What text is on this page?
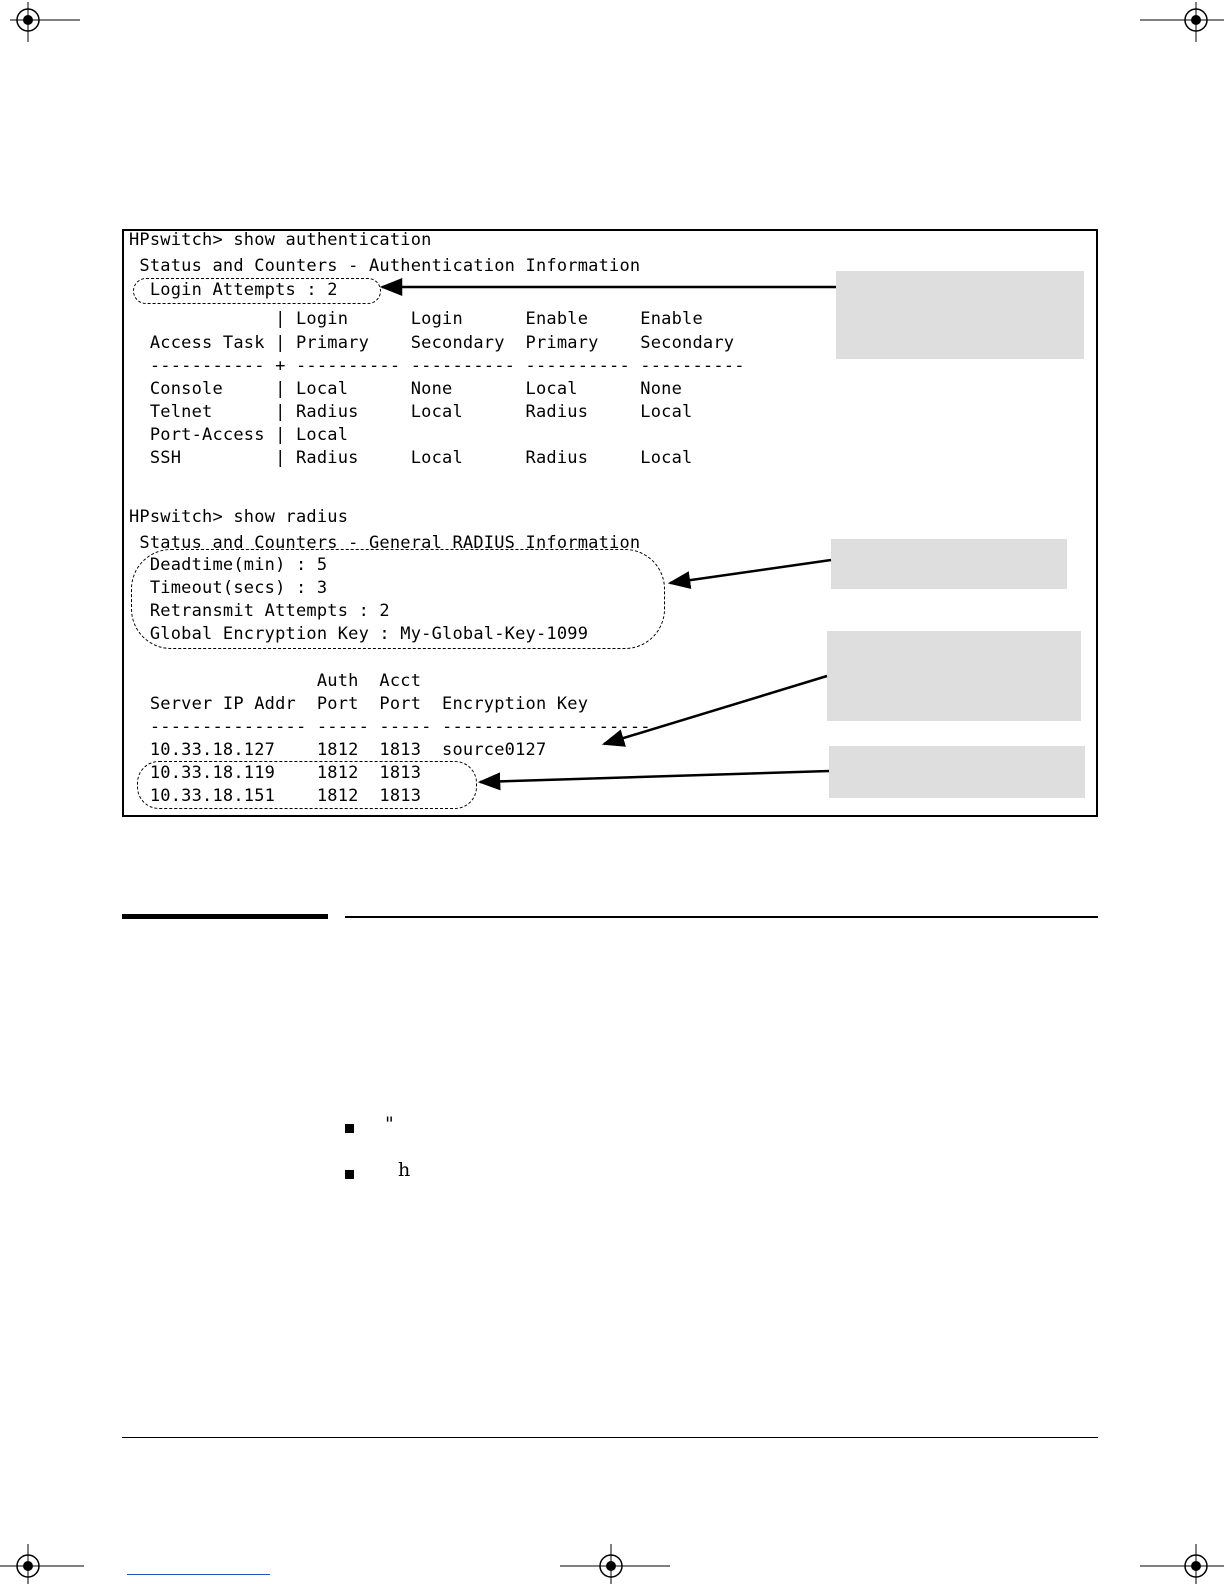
HPswitch> show authentication
Status and Counters - Authentication Information
Login Attempts : 2
| Login      Login      Enable     Enable
Access Task | Primary    Secondary  Primary    Secondary
----------- + ---------- ---------- ---------- ----------
Console     | Local      None       Local      None
Telnet      | Radius     Local      Radius     Local
Port-Access | Local
SSH         | Radius     Local      Radius     Local
HPswitch> show radius
Status and Counters - General RADIUS Information
Deadtime(min) : 5
Timeout(secs) : 3
Retransmit Attempts : 2
Global Encryption Key : My-Global-Key-1099
Auth  Acct
Server IP Addr  Port  Port  Encryption Key
--------------- ----- ----- --------------------
10.33.18.127    1812  1813  source0127
10.33.18.119    1812  1813
10.33.18.151    1812  1813
"
h
